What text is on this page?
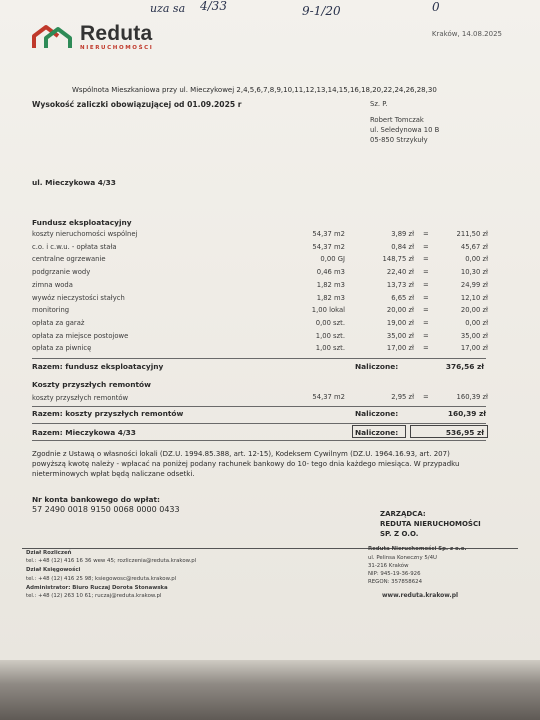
uza sa 4/33	9-1/20	0
Reduta
NIERUCHOMOŚCI
Kraków, 14.08.2025
Wspólnota Mieszkaniowa przy ul. Mieczykowej 2,4,5,6,7,8,9,10,11,12,13,14,15,16,18,20,22,24,26,28,30
Wysokość zaliczki obowiązującej od 01.09.2025 r	Sz. P.
Robert Tomczak
ul. Seledynowa 10 B
05-850 Strzykuły
ul. Mieczykowa 4/33
Fundusz eksploatacyjny
koszty nieruchomości wspólnej	54,37 m2	3,89 zł =	211,50 zł
c.o. i c.w.u. - opłata stała	54,37 m2	0,84 zł =	45,67 zł
centralne ogrzewanie	0,00 GJ	148,75 zł =	0,00 zł
podgrzanie wody	0,46 m3	22,40 zł =	10,30 zł
zimna woda	1,82 m3	13,73 zł =	24,99 zł
wywóz nieczystości stałych	1,82 m3	6,65 zł =	12,10 zł
monitoring	1,00 lokal	20,00 zł =	20,00 zł
opłata za garaż	0,00 szt.	19,00 zł =	0,00 zł
opłata za miejsce postojowe	1,00 szt.	35,00 zł =	35,00 zł
opłata za piwnicę	1,00 szt.	17,00 zł =	17,00 zł
Razem: fundusz eksploatacyjny	Naliczone:	376,56 zł
Koszty przyszłych remontów
koszty przyszłych remontów	54,37 m2	2,95 zł =	160,39 zł
Razem: koszty przyszłych remontów	Naliczone:	160,39 zł
Razem: Mieczykowa 4/33	Naliczone:	536,95 zł
Zgodnie z Ustawą o własności lokali (DZ.U. 1994.85.388, art. 12-15), Kodeksem Cywilnym (DZ.U. 1964.16.93, art. 207)
powyższą kwotę należy - wpłacać na poniżej podany rachunek bankowy do 10- tego dnia każdego miesiąca. W przypadku
nieterminowych wpłat będą naliczane odsetki.
Nr konta bankowego do wpłat:
57 2490 0018 9150 0068 0000 0433	ZARZĄDCA:
REDUTA NIERUCHOMOŚCI
SP. Z O.O.
Dział Rozliczeń
tel.: +48 (12) 416 16 36 wew 45; rozliczenia@reduta.krakow.pl
Dział Księgowości
tel.: +48 (12) 416 25 98; ksiegowosc@reduta.krakow.pl
Administrator: Biuro Ruczaj Dorota Stonawska
tel.: +48 (12) 263 10 61; ruczaj@reduta.krakow.pl
Reduta Nieruchomości Sp. z o.o.
ul. Pelinsa Koneczny 5/4U
31-216 Kraków
NIP: 945-19-36-926
REGON: 357858624
www.reduta.krakow.pl
